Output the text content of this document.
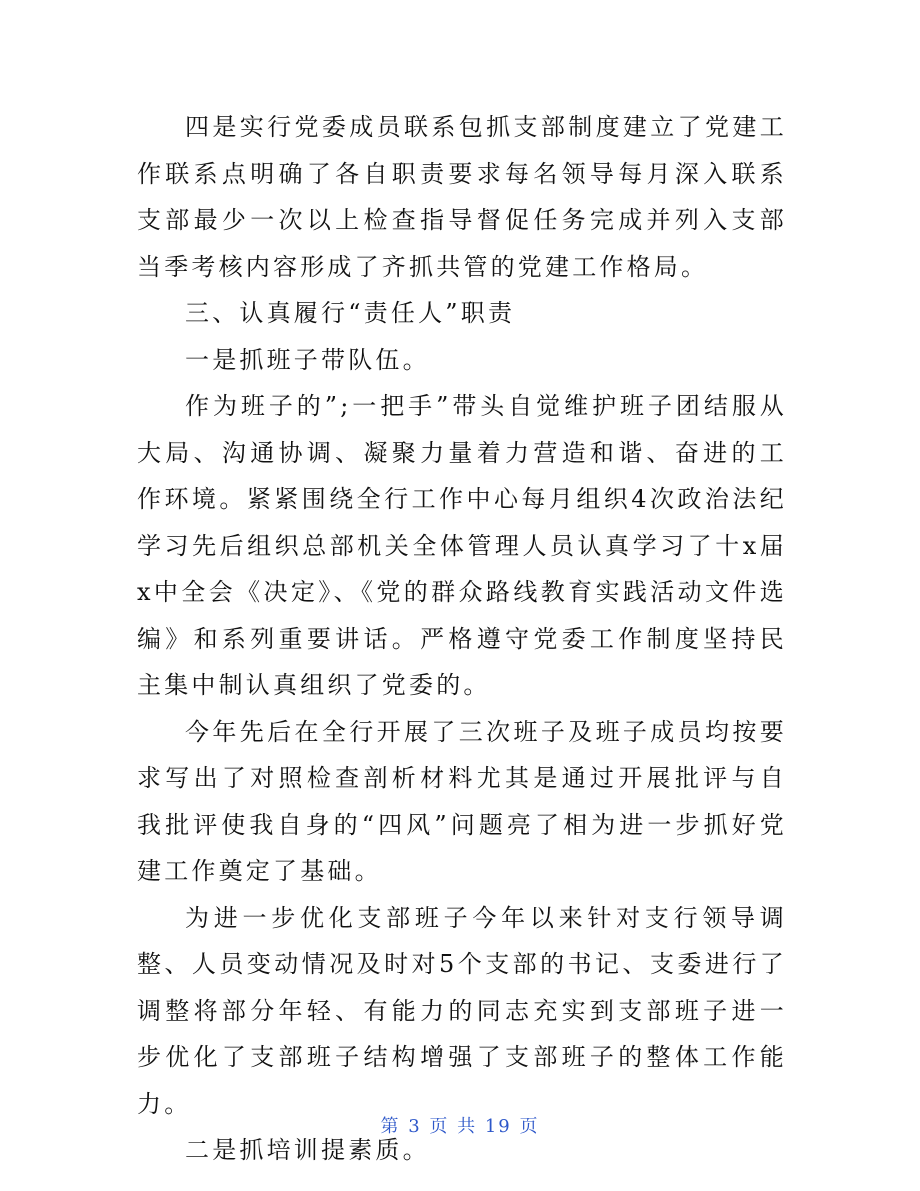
四是实行党委成员联系包抓支部制度建立了党建工作联系点明确了各自职责要求每名领导每月深入联系支部最少一次以上检查指导督促任务完成并列入支部当季考核内容形成了齐抓共管的党建工作格局。

三、认真履行“责任人”职责

一是抓班子带队伍。

作为班子的”;一把手”带头自觉维护班子团结服从大局、沟通协调、凝聚力量着力营造和谐、奋进的工作环境。紧紧围绕全行工作中心每月组织4次政治法纪学习先后组织总部机关全体管理人员认真学习了十x届x中全会《决定》、《党的群众路线教育实践活动文件选编》和系列重要讲话。严格遵守党委工作制度坚持民主集中制认真组织了党委的。

今年先后在全行开展了三次班子及班子成员均按要求写出了对照检查剖析材料尤其是通过开展批评与自我批评使我自身的“四风”问题亮了相为进一步抓好党建工作奠定了基础。

为进一步优化支部班子今年以来针对支行领导调整、人员变动情况及时对5个支部的书记、支委进行了调整将部分年轻、有能力的同志充实到支部班子进一步优化了支部班子结构增强了支部班子的整体工作能力。

二是抓培训提素质。

第 3 页 共 19 页
